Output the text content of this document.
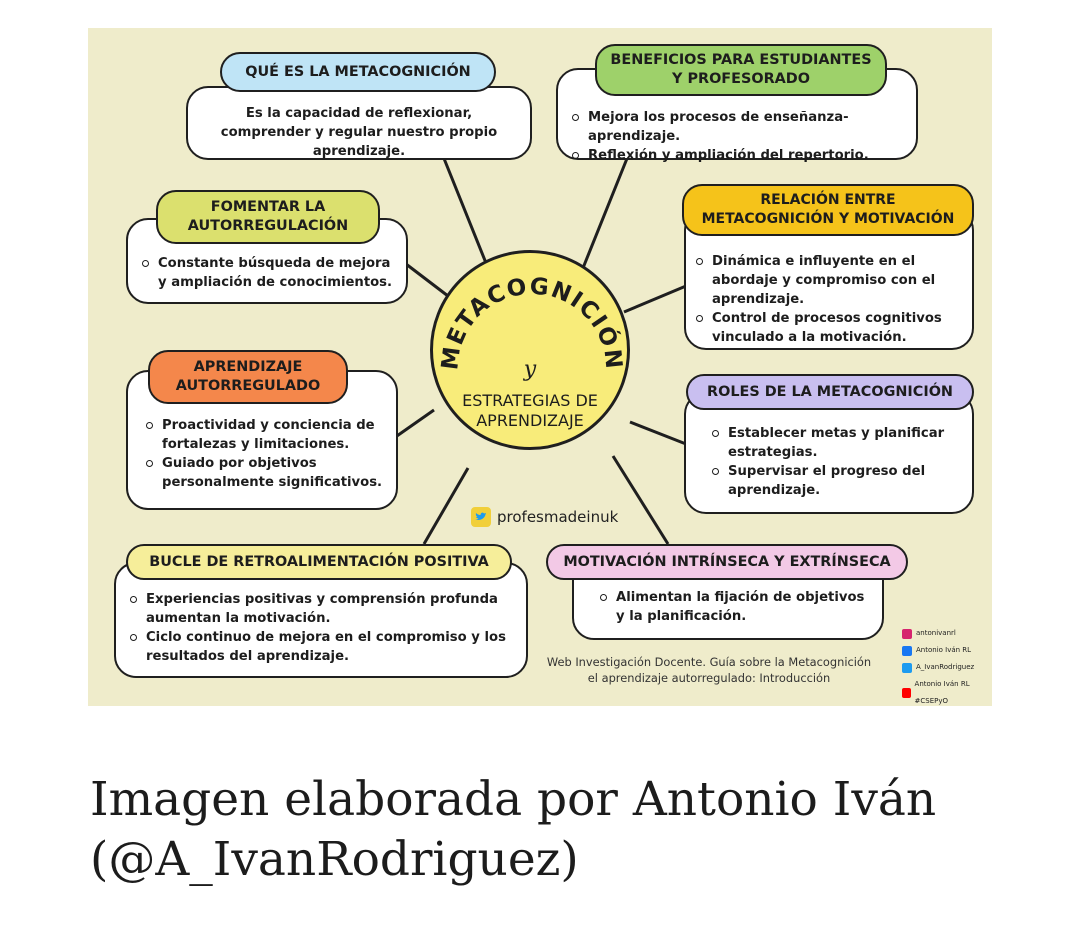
METACOGNICIÓN
y
ESTRATEGIAS DE
APRENDIZAJE
Es la capacidad de reflexionar, comprender y regular nuestro propio aprendizaje.
QUÉ ES LA METACOGNICIÓN
Mejora los procesos de enseñanza-aprendizaje.
Reflexión y ampliación del repertorio.
BENEFICIOS PARA ESTUDIANTES
Y PROFESORADO
Constante búsqueda de mejora y ampliación de conocimientos.
FOMENTAR LA
AUTORREGULACIÓN
Dinámica e influyente en el abordaje y compromiso con el aprendizaje.
Control de procesos cognitivos vinculado a la motivación.
RELACIÓN ENTRE
METACOGNICIÓN Y MOTIVACIÓN
Proactividad y conciencia de fortalezas y limitaciones.
Guiado por objetivos personalmente significativos.
APRENDIZAJE
AUTORREGULADO
Establecer metas y planificar estrategias.
Supervisar el progreso del aprendizaje.
ROLES DE LA METACOGNICIÓN
Experiencias positivas y comprensión profunda aumentan la motivación.
Ciclo continuo de mejora en el compromiso y los resultados del aprendizaje.
BUCLE DE RETROALIMENTACIÓN POSITIVA
Alimentan la fijación de objetivos y la planificación.
MOTIVACIÓN INTRÍNSECA Y EXTRÍNSECA
profesmadeinuk
Web Investigación Docente. Guía sobre la Metacognición
el aprendizaje autorregulado: Introducción
antonivanrl
Antonio Iván RL
A_IvanRodriguez
Antonio Iván RL #CSEPyO
Imagen elaborada por Antonio Iván
(@A_IvanRodriguez)
